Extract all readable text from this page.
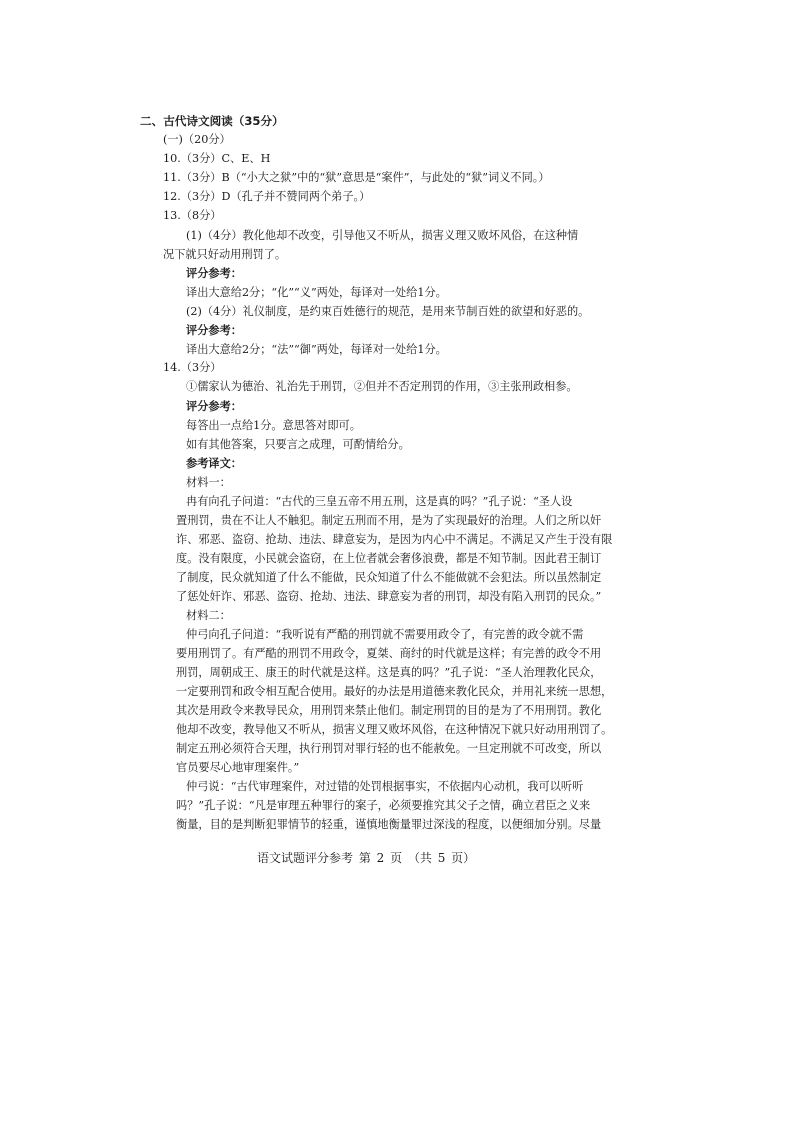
二、古代诗文阅读（35分）
(一)（20分）
10.（3分）C、E、H
11.（3分）B（“小大之狱”中的“狱”意思是“案件”，与此处的“狱”词义不同。）
12.（3分）D（孔子并不赞同两个弟子。）
13.（8分）
(1)（4分）教化他却不改变，引导他又不听从，损害义理又败坏风俗，在这种情
况下就只好动用刑罚了。
评分参考：
译出大意给2分；“化”“义”两处，每译对一处给1分。
(2)（4分）礼仪制度，是约束百姓德行的规范，是用来节制百姓的欲望和好恶的。
评分参考：
译出大意给2分；“法”“御”两处，每译对一处给1分。
14.（3分）
①儒家认为德治、礼治先于刑罚，②但并不否定刑罚的作用，③主张刑政相参。
评分参考：
每答出一点给1分。意思答对即可。
如有其他答案，只要言之成理，可酌情给分。
参考译文：
材料一：
冉有向孔子问道：“古代的三皇五帝不用五刑，这是真的吗？”孔子说：“圣人设
置刑罚，贵在不让人不触犯。制定五刑而不用，是为了实现最好的治理。人们之所以奸
诈、邪恶、盗窃、抢劫、违法、肆意妄为，是因为内心中不满足。不满足又产生于没有限
度。没有限度，小民就会盗窃，在上位者就会奢侈浪费，都是不知节制。因此君王制订
了制度，民众就知道了什么不能做，民众知道了什么不能做就不会犯法。所以虽然制定
了惩处奸诈、邪恶、盗窃、抢劫、违法、肆意妄为者的刑罚，却没有陷入刑罚的民众。”
材料二：
仲弓向孔子问道：“我听说有严酷的刑罚就不需要用政令了，有完善的政令就不需
要用刑罚了。有严酷的刑罚不用政令，夏桀、商纣的时代就是这样；有完善的政令不用
刑罚，周朝成王、康王的时代就是这样。这是真的吗？”孔子说：“圣人治理教化民众，
一定要刑罚和政令相互配合使用。最好的办法是用道德来教化民众，并用礼来统一思想，
其次是用政令来教导民众，用刑罚来禁止他们。制定刑罚的目的是为了不用刑罚。教化
他却不改变，教导他又不听从，损害义理又败坏风俗，在这种情况下就只好动用刑罚了。
制定五刑必须符合天理，执行刑罚对罪行轻的也不能赦免。一旦定刑就不可改变，所以
官员要尽心地审理案件。”
仲弓说：“古代审理案件，对过错的处罚根据事实，不依据内心动机，我可以听听
吗？”孔子说：“凡是审理五种罪行的案子，必须要推究其父子之情，确立君臣之义来
衡量，目的是判断犯罪情节的轻重，谨慎地衡量罪过深浅的程度，以便细加分别。尽量
语文试题评分参考 第 2 页 （共 5 页）
